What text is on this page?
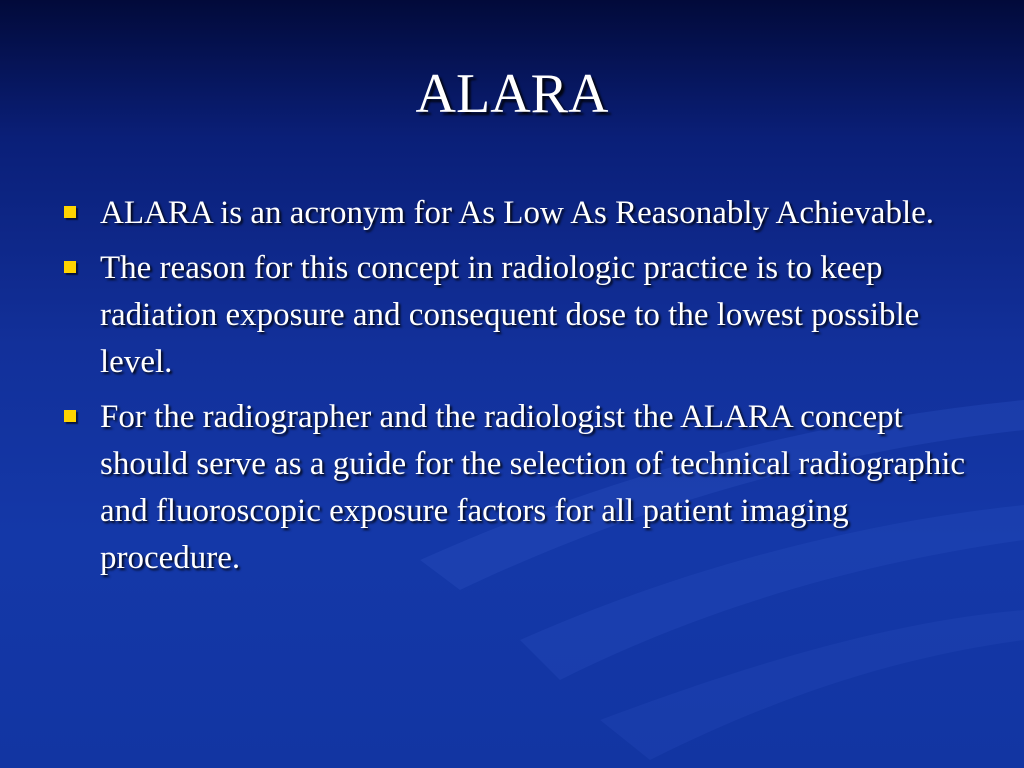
ALARA
ALARA is an acronym for As Low As Reasonably Achievable.
The reason for this concept in radiologic practice is to keep radiation exposure and consequent dose to the lowest possible level.
For the radiographer and the radiologist the ALARA concept should serve as a guide for the selection of technical radiographic and fluoroscopic exposure factors for all patient imaging procedure.
